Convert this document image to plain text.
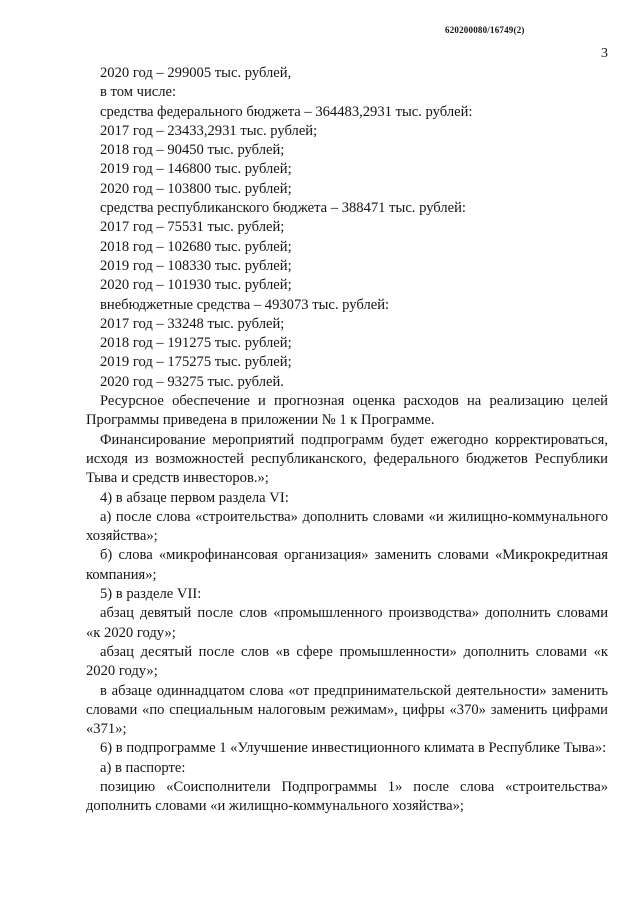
620200080/16749(2)
3

2020 год – 299005 тыс. рублей,

в том числе:

средства федерального бюджета – 364483,2931 тыс. рублей:

2017 год – 23433,2931 тыс. рублей;

2018 год – 90450 тыс. рублей;

2019 год – 146800 тыс. рублей;

2020 год – 103800 тыс. рублей;

средства республиканского бюджета – 388471 тыс. рублей:

2017 год – 75531 тыс. рублей;

2018 год – 102680 тыс. рублей;

2019 год – 108330 тыс. рублей;

2020 год – 101930 тыс. рублей;

внебюджетные средства – 493073 тыс. рублей:

2017 год – 33248 тыс. рублей;

2018 год – 191275 тыс. рублей;

2019 год – 175275 тыс. рублей;

2020 год – 93275 тыс. рублей.

Ресурсное обеспечение и прогнозная оценка расходов на реализацию целей Программы приведена в приложении № 1 к Программе.

Финансирование мероприятий подпрограмм будет ежегодно корректироваться, исходя из возможностей республиканского, федерального бюджетов Республики Тыва и средств инвесторов.»;

4) в абзаце первом раздела VI:

а) после слова «строительства» дополнить словами «и жилищно-коммунального хозяйства»;

б) слова «микрофинансовая организация» заменить словами «Микрокредитная компания»;

5) в разделе VII:

абзац девятый после слов «промышленного производства» дополнить словами «к 2020 году»;

абзац десятый после слов «в сфере промышленности» дополнить словами «к 2020 году»;

в абзаце одиннадцатом слова «от предпринимательской деятельности» заменить словами «по специальным налоговым режимам», цифры «370» заменить цифрами «371»;

6) в подпрограмме 1 «Улучшение инвестиционного климата в Республике Тыва»:

а) в паспорте:

позицию «Соисполнители Подпрограммы 1» после слова «строительства» дополнить словами «и жилищно-коммунального хозяйства»;
